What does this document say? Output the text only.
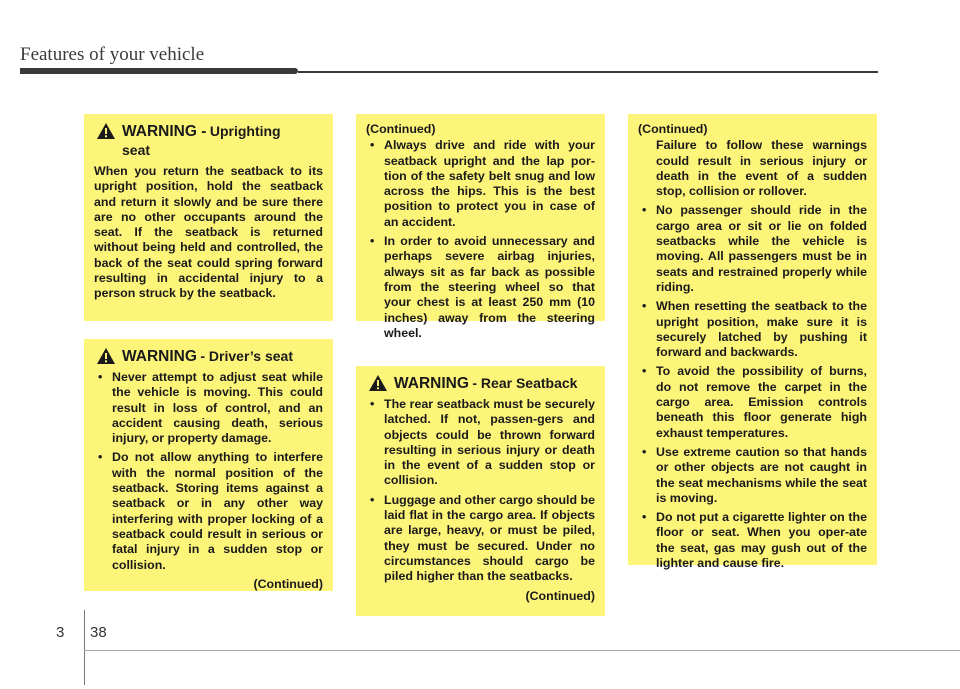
Features of your vehicle
WARNING - Uprighting seat
When you return the seatback to its upright position, hold the seatback and return it slowly and be sure there are no other occupants around the seat. If the seatback is returned without being held and controlled, the back of the seat could spring forward resulting in accidental injury to a person struck by the seatback.
WARNING - Driver’s seat
• Never attempt to adjust seat while the vehicle is moving. This could result in loss of control, and an accident causing death, serious injury, or property damage.
• Do not allow anything to interfere with the normal position of the seatback. Storing items against a seatback or in any other way interfering with proper locking of a seatback could result in serious or fatal injury in a sudden stop or collision.
(Continued)
(Continued)
• Always drive and ride with your seatback upright and the lap por-tion of the safety belt snug and low across the hips. This is the best position to protect you in case of an accident.
• In order to avoid unnecessary and perhaps severe airbag injuries, always sit as far back as possible from the steering wheel so that your chest is at least 250 mm (10 inches) away from the steering wheel.
WARNING - Rear Seatback
• The rear seatback must be securely latched. If not, passen-gers and objects could be thrown forward resulting in serious injury or death in the event of a sudden stop or collision.
• Luggage and other cargo should be laid flat in the cargo area. If objects are large, heavy, or must be piled, they must be secured. Under no circumstances should cargo be piled higher than the seatbacks.
(Continued)
(Continued)
Failure to follow these warnings could result in serious injury or death in the event of a sudden stop, collision or rollover.
• No passenger should ride in the cargo area or sit or lie on folded seatbacks while the vehicle is moving. All passengers must be in seats and restrained properly while riding.
• When resetting the seatback to the upright position, make sure it is securely latched by pushing it forward and backwards.
• To avoid the possibility of burns, do not remove the carpet in the cargo area. Emission controls beneath this floor generate high exhaust temperatures.
• Use extreme caution so that hands or other objects are not caught in the seat mechanisms while the seat is moving.
• Do not put a cigarette lighter on the floor or seat. When you oper-ate the seat, gas may gush out of the lighter and cause fire.
3 38
